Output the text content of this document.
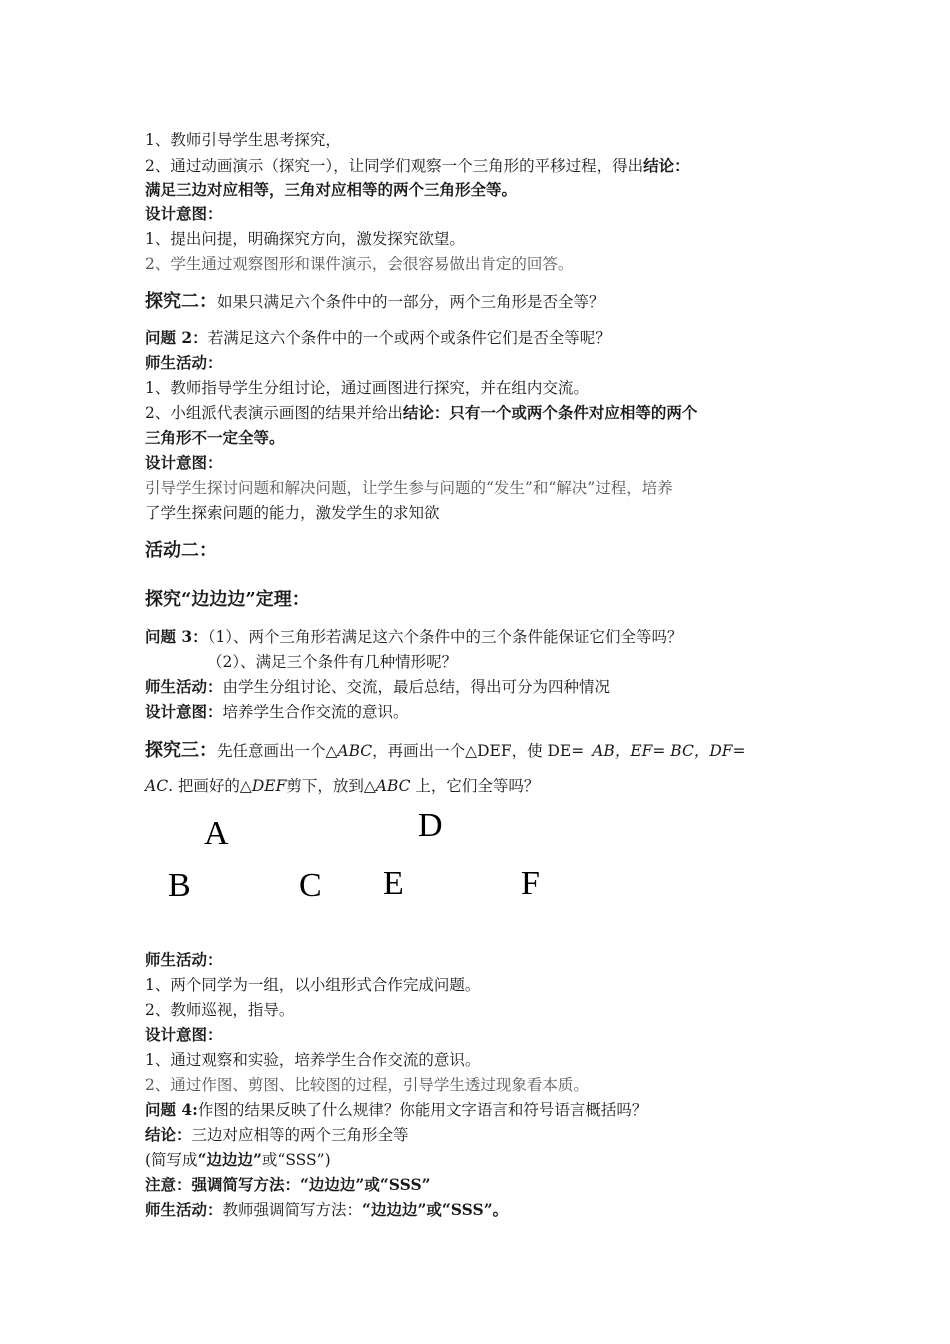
1、教师引导学生思考探究，
2、通过动画演示（探究一），让同学们观察一个三角形的平移过程，得出结论：
满足三边对应相等，三角对应相等的两个三角形全等。
设计意图：
1、提出问提，明确探究方向，激发探究欲望。
2、学生通过观察图形和课件演示，会很容易做出肯定的回答。
探究二：如果只满足六个条件中的一部分，两个三角形是否全等？
问题 2：若满足这六个条件中的一个或两个或条件它们是否全等呢？
师生活动：
1、教师指导学生分组讨论，通过画图进行探究，并在组内交流。
2、小组派代表演示画图的结果并给出结论：只有一个或两个条件对应相等的两个
三角形不一定全等。
设计意图：
引导学生探讨问题和解决问题，让学生参与问题的“发生”和“解决”过程，培养
了学生探索问题的能力，激发学生的求知欲
活动二：
探究“边边边”定理：
问题 3：（1）、两个三角形若满足这六个条件中的三个条件能保证它们全等吗？
（2）、满足三个条件有几种情形呢？
师生活动：由学生分组讨论、交流，最后总结，得出可分为四种情况
设计意图：培养学生合作交流的意识。
探究三：先任意画出一个△ABC，再画出一个△DEF，使 DE= AB，EF= BC，DF=
AC. 把画好的△DEF剪下，放到△ABC 上，它们全等吗？
A	D
B	C E	F
师生活动：
1、两个同学为一组，以小组形式合作完成问题。
2、教师巡视，指导。
设计意图：
1、通过观察和实验，培养学生合作交流的意识。
2、通过作图、剪图、比较图的过程，引导学生透过现象看本质。
问题 4:作图的结果反映了什么规律？你能用文字语言和符号语言概括吗？
结论：三边对应相等的两个三角形全等
(简写成“边边边”或“SSS”)
注意：强调简写方法：“边边边”或“SSS”
师生活动：教师强调简写方法：“边边边”或“SSS”。
